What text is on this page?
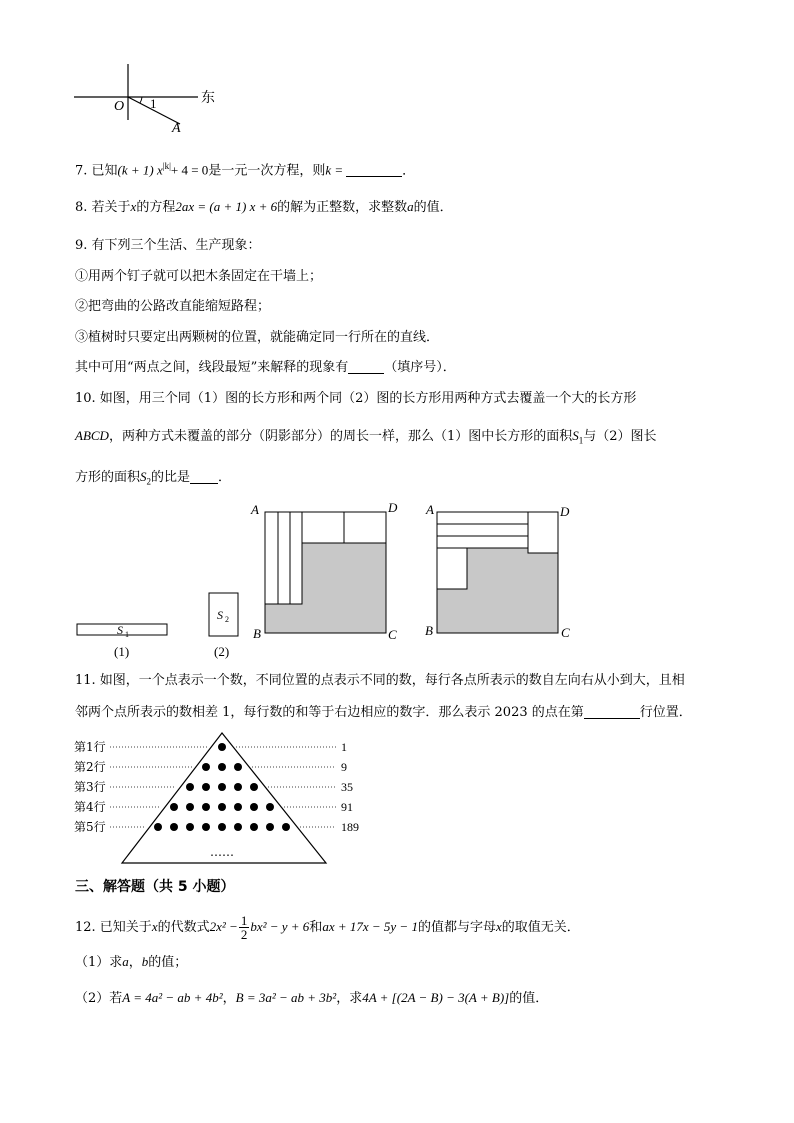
O 1
A
东
7. 已知(k + 1) $x^{|k|}+ 4 = 0$是一元一次方程，则k =	．
8. 若关于x的方程2ax = (a + 1) x + 6的解为正整数，求整数a的值．
9. 有下列三个生活、生产现象：
①用两个钉子就可以把木条固定在干墙上；
②把弯曲的公路改直能缩短路程；
③植树时只要定出两颗树的位置，就能确定同一行所在的直线．
其中可用“两点之间，线段最短”来解释的现象有	（填序号）．
10. 如图，用三个同（1）图的长方形和两个同（2）图的长方形用两种方式去覆盖一个大的长方形
ABCD，两种方式未覆盖的部分（阴影部分）的周长一样，那么（1）图中长方形的面积$S_1$与（2）图长
方形的面积$S_2$的比是 ．
S 1
(1)
S 2
(2)
A	D
B	C
A	D
B	C
11. 如图，一个点表示一个数，不同位置的点表示不同的数，每行各点所表示的数自左向右从小到大，且相
邻两个点所表示的数相差 1，每行数的和等于右边相应的数字．那么表示 2023 的点在第	行位置．
第1行
第2行
第3行
第4行
第5行
1
9
35
91
189
……
三、解答题（共 5 小题）
12. 已知关于x的代数式$2x^2 - \frac{1}{2} bx^2 - y + 6$和ax + 17x − 5y − 1的值都与字母x的取值无关．
（1）求a，b的值；
（2）若A = 4a² − ab + 4b²，B = 3a² − ab + 3b²，求4A + [(2A − B) − 3(A + B)]的值．
